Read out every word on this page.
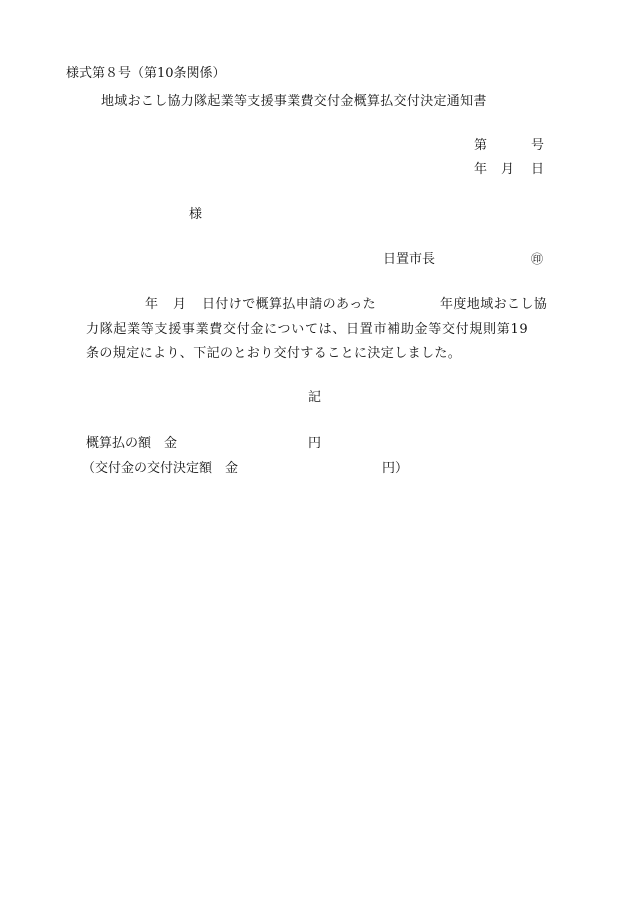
様式第８号（第10条関係）
地域おこし協力隊起業等支援事業費交付金概算払交付決定通知書
第	号
年 月 日
様
日置市長	㊞
年 月 日付けで概算払申請のあった	年度地域おこし協
力隊起業等支援事業費交付金については、日置市補助金等交付規則第19
条の規定により、下記のとおり交付することに決定しました。
記
概算払の額　金	円
（交付金の交付決定額　金	円）
